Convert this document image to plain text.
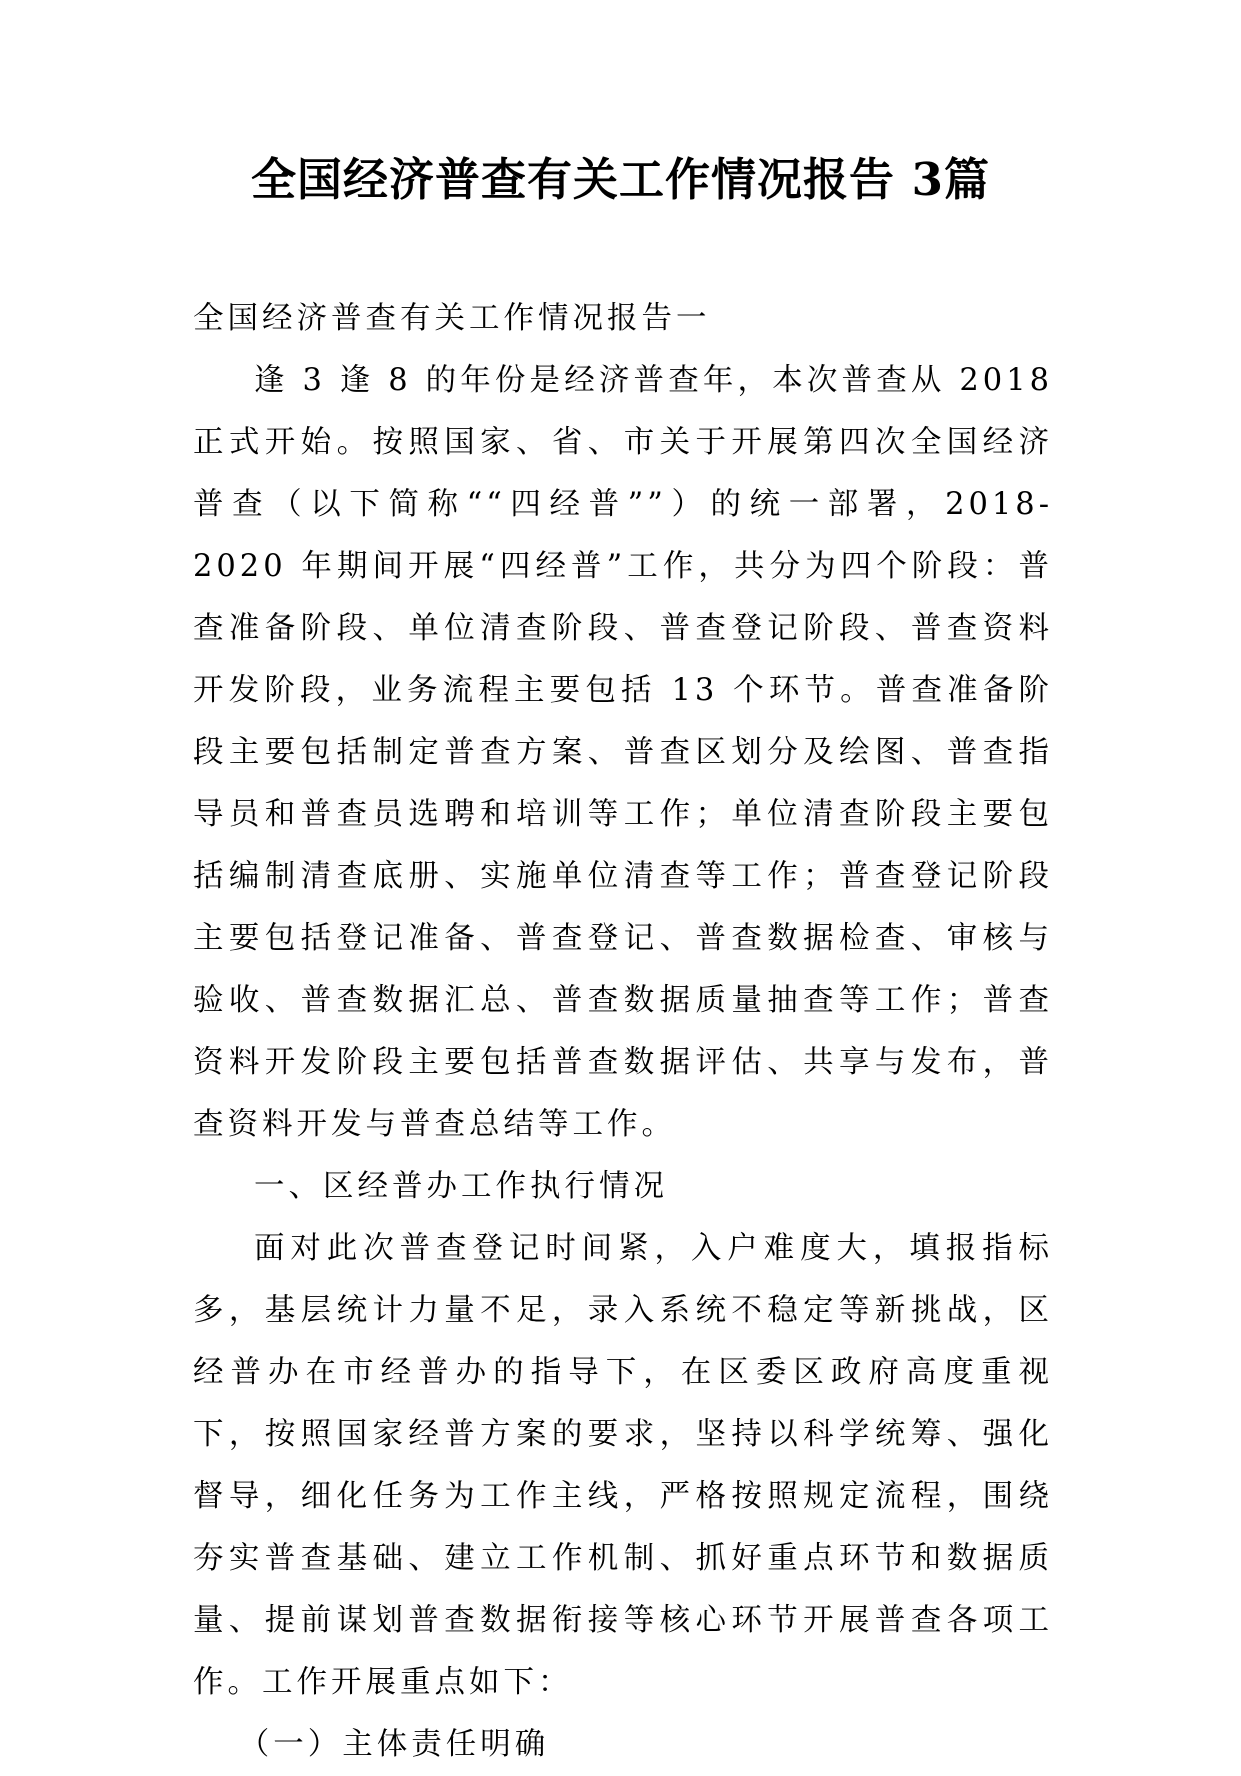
全国经济普查有关工作情况报告 3篇

全国经济普查有关工作情况报告一

逢 3 逢 8 的年份是经济普查年，本次普查从 2018 正式开始。按照国家、省、市关于开展第四次全国经济普查（以下简称““四经普””）的统一部署，2018-2020 年期间开展“四经普”工作，共分为四个阶段：普查准备阶段、单位清查阶段、普查登记阶段、普查资料开发阶段，业务流程主要包括 13 个环节。普查准备阶段主要包括制定普查方案、普查区划分及绘图、普查指导员和普查员选聘和培训等工作；单位清查阶段主要包括编制清查底册、实施单位清查等工作；普查登记阶段主要包括登记准备、普查登记、普查数据检查、审核与验收、普查数据汇总、普查数据质量抽查等工作；普查资料开发阶段主要包括普查数据评估、共享与发布，普查资料开发与普查总结等工作。

一、区经普办工作执行情况

面对此次普查登记时间紧，入户难度大，填报指标多，基层统计力量不足，录入系统不稳定等新挑战，区经普办在市经普办的指导下，在区委区政府高度重视下，按照国家经普方案的要求，坚持以科学统筹、强化督导，细化任务为工作主线，严格按照规定流程，围绕夯实普查基础、建立工作机制、抓好重点环节和数据质量、提前谋划普查数据衔接等核心环节开展普查各项工作。工作开展重点如下：

（一）主体责任明确
